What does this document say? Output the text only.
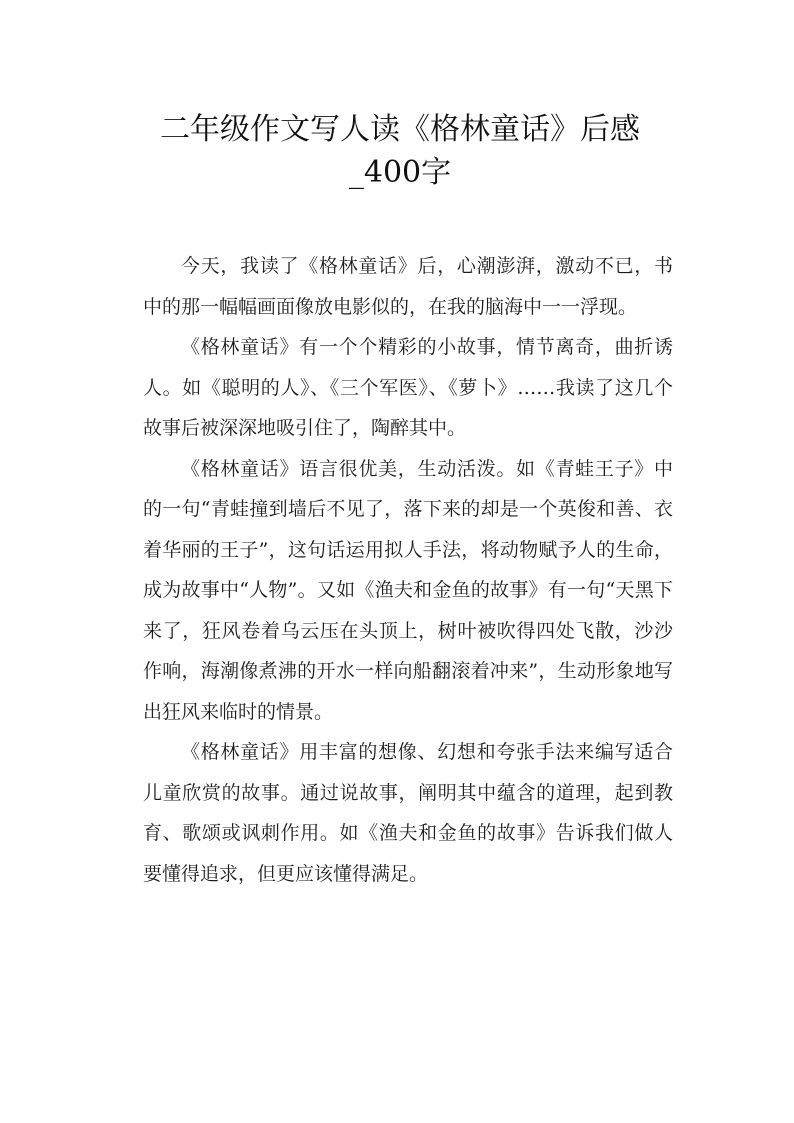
二年级作文写人读《格林童话》后感_400字

今天，我读了《格林童话》后，心潮澎湃，激动不已，书中的那一幅幅画面像放电影似的，在我的脑海中一一浮现。

《格林童话》有一个个精彩的小故事，情节离奇，曲折诱人。如《聪明的人》、《三个军医》、《萝卜》……我读了这几个故事后被深深地吸引住了，陶醉其中。

《格林童话》语言很优美，生动活泼。如《青蛙王子》中的一句“青蛙撞到墙后不见了，落下来的却是一个英俊和善、衣着华丽的王子”，这句话运用拟人手法，将动物赋予人的生命，成为故事中“人物”。又如《渔夫和金鱼的故事》有一句“天黑下来了，狂风卷着乌云压在头顶上，树叶被吹得四处飞散，沙沙作响，海潮像煮沸的开水一样向船翻滚着冲来”，生动形象地写出狂风来临时的情景。

《格林童话》用丰富的想像、幻想和夸张手法来编写适合儿童欣赏的故事。通过说故事，阐明其中蕴含的道理，起到教育、歌颂或讽刺作用。如《渔夫和金鱼的故事》告诉我们做人要懂得追求，但更应该懂得满足。
